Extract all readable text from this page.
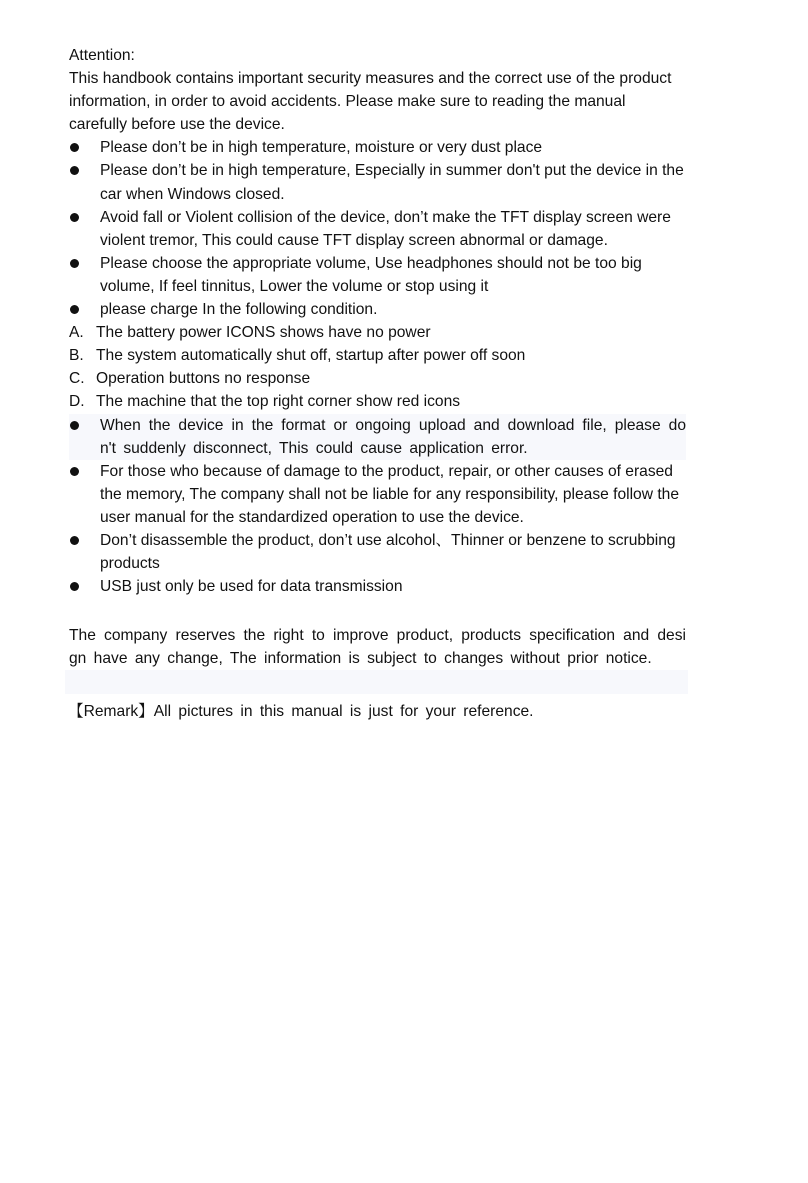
Attention:

This handbook contains important security measures and the correct use of the product information, in order to avoid accidents. Please make sure to reading the manual carefully before use the device.

Please don’t be in high temperature, moisture or very dust place
Please don’t be in high temperature, Especially in summer don't put the device in the car when Windows closed.
Avoid fall or Violent collision of the device, don’t make the TFT display screen were violent tremor, This could cause TFT display screen abnormal or damage.
Please choose the appropriate volume, Use headphones should not be too big volume, If feel tinnitus, Lower the volume or stop using it
please charge In the following condition.
A. The battery power ICONS shows have no power
B. The system automatically shut off, startup after power off soon
C. Operation buttons no response
D. The machine that the top right corner show red icons
When the device in the format or ongoing upload and download file, please do n't suddenly disconnect, This could cause application error.
For those who because of damage to the product, repair, or other causes of erased the memory, The company shall not be liable for any responsibility, please follow the user manual for the standardized operation to use the device.
Don’t disassemble the product, don’t use alcohol、Thinner or benzene to scrubbing products
USB just only be used for data transmission

The company reserves the right to improve product, products specification and desi gn have any change, The information is subject to changes without prior notice.

【Remark】All pictures in this manual is just for your reference.
